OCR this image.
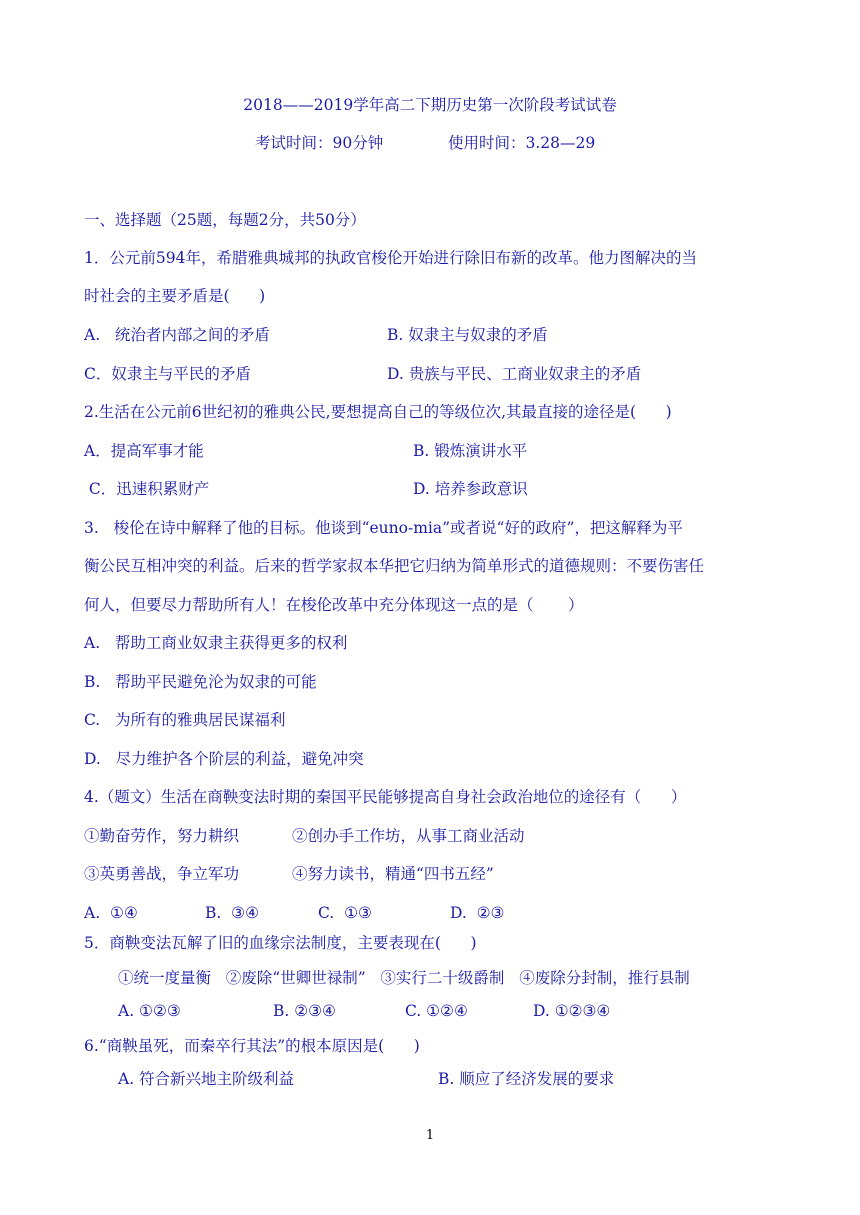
2018——2019学年高二下期历史第一次阶段考试试卷
考试时间：90分钟	使用时间：3.28—29
一、选择题（25题，每题2分，共50分）
1．公元前594年，希腊雅典城邦的执政官梭伦开始进行除旧布新的改革。他力图解决的当
时社会的主要矛盾是(      )
A.   统治者内部之间的矛盾	B. 奴隶主与奴隶的矛盾
C．奴隶主与平民的矛盾	D. 贵族与平民、工商业奴隶主的矛盾
2.生活在公元前6世纪初的雅典公民,要想提高自己的等级位次,其最直接的途径是(      )
A．提高军事才能	B. 锻炼演讲水平
C．迅速积累财产	D. 培养参政意识
3.   梭伦在诗中解释了他的目标。他谈到“euno-mia”或者说“好的政府”，把这解释为平
衡公民互相冲突的利益。后来的哲学家叔本华把它归纳为简单形式的道德规则：不要伤害任
何人，但要尽力帮助所有人！在梭伦改革中充分体现这一点的是（       ）
A.   帮助工商业奴隶主获得更多的权利
B.   帮助平民避免沦为奴隶的可能
C.   为所有的雅典居民谋福利
D.   尽力维护各个阶层的利益，避免冲突
4.（题文）生活在商鞅变法时期的秦国平民能够提高自身社会政治地位的途径有（      ）
①勤奋劳作，努力耕织	②创办手工作坊，从事工商业活动
③英勇善战，争立军功	④努力读书，精通“四书五经”
A.  ①④	B.  ③④	C.  ①③	D.  ②③
5．商鞅变法瓦解了旧的血缘宗法制度，主要表现在(      )
①统一度量衡   ②废除“世卿世禄制”   ③实行二十级爵制   ④废除分封制，推行县制
A. ①②③	B. ②③④	C. ①②④	D. ①②③④
6.“商鞅虽死，而秦卒行其法”的根本原因是(      )
A. 符合新兴地主阶级利益	B. 顺应了经济发展的要求
1
